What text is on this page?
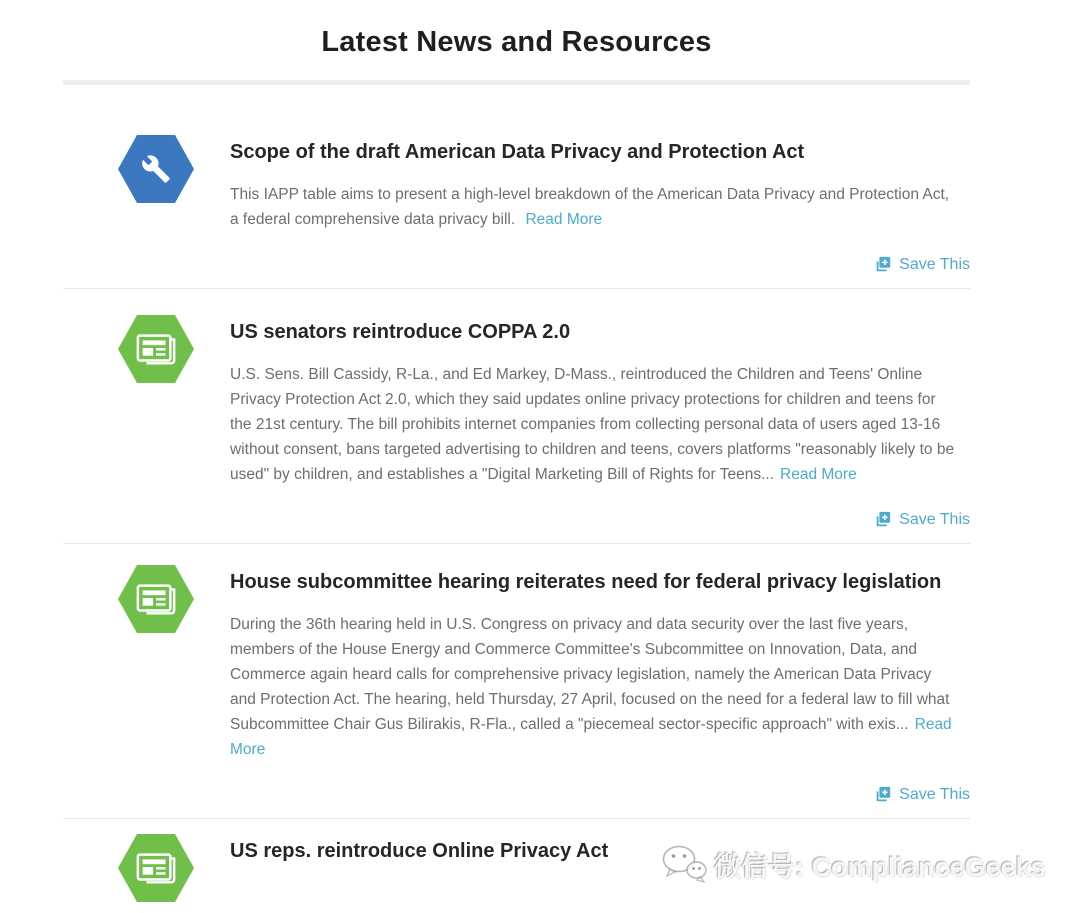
Latest News and Resources
Scope of the draft American Data Privacy and Protection Act

This IAPP table aims to present a high-level breakdown of the American Data Privacy and Protection Act, a federal comprehensive data privacy bill. Read More

Save This
US senators reintroduce COPPA 2.0

U.S. Sens. Bill Cassidy, R-La., and Ed Markey, D-Mass., reintroduced the Children and Teens' Online Privacy Protection Act 2.0, which they said updates online privacy protections for children and teens for the 21st century. The bill prohibits internet companies from collecting personal data of users aged 13-16 without consent, bans targeted advertising to children and teens, covers platforms "reasonably likely to be used" by children, and establishes a "Digital Marketing Bill of Rights for Teens... Read More

Save This
House subcommittee hearing reiterates need for federal privacy legislation

During the 36th hearing held in U.S. Congress on privacy and data security over the last five years, members of the House Energy and Commerce Committee's Subcommittee on Innovation, Data, and Commerce again heard calls for comprehensive privacy legislation, namely the American Data Privacy and Protection Act. The hearing, held Thursday, 27 April, focused on the need for a federal law to fill what Subcommittee Chair Gus Bilirakis, R-Fla., called a "piecemeal sector-specific approach" with exis... Read More

Save This
US reps. reintroduce Online Privacy Act
微信号: ComplianceGeeks
